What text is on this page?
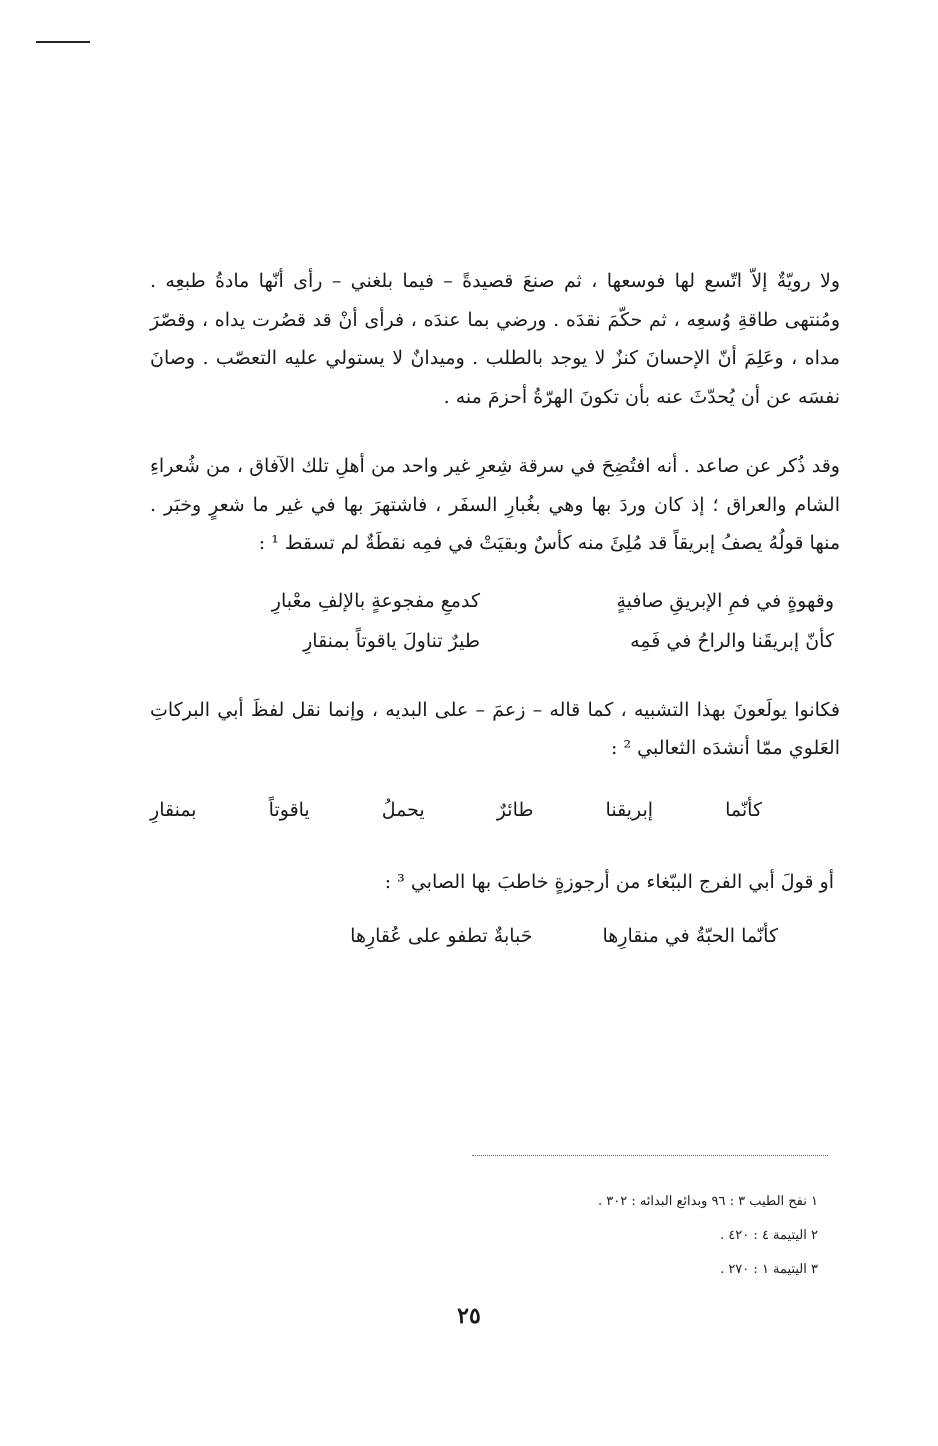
ولا رويّةٌ إلاّ اتّسع لها فوسعها ، ثم صنعَ قصيدةً – فيما بلغني – رأى أنّها مادةُ طبعِه . ومُنتهى طاقةِ وُسعِه ، ثم حكّمَ نقدَه . ورضي بما عندَه ، فرأى أنْ قد قصُرت يداه ، وقصّرَ مداه ، وعَلِمَ أنّ الإحسانَ كنزٌ لا يوجد بالطلب . وميدانٌ لا يستولي عليه التعصّب . وصانَ نفسَه عن أن يُحدّثَ عنه بأن تكونَ الهرّةُ أحزمَ منه .

وقد ذُكر عن صاعد . أنه افتُضِحَ في سرقة شِعرِ غير واحد من أهلِ تلك الآفاق ، من شُعراءِ الشام والعراق ؛ إذ كان وردَ بها وهي بغُبارِ السفَر ، فاشتهرَ بها في غير ما شعرٍ وخبَر . منها قولُهُ يصفُ إبريقاً قد مُلِئَ منه كأسٌ وبقيَتْ في فمِه نقطَةٌ لم تسقط ¹ :

وقهوةٍ في فمِ الإبريقِ صافيةٍ
كدمعِ مفجوعةٍ بالإلفِ معْبارِ
كأنّ إبريقَنا والراحُ في فَمِه
طيرٌ تناولَ ياقوتاً بمنقارِ

فكانوا يولَعونَ بهذا التشبيه ، كما قاله – زعمَ – على البديه ، وإنما نقل لفظَ أبي البركاتِ العَلوي ممّا أنشدَه الثعالبي ² :

كأنّما
إبريقنا
طائرٌ
يحملُ
ياقوتاً
بمنقارِ
أو قولَ أبي الفرج الببّغاء من أرجوزةٍ خاطبَ بها الصابي ³ :
كأنّما الحبّةُ في منقارِها
حَبابةٌ تطفو على عُقارِها
١ نفح الطيب ٣ : ٩٦ وبدائع البدائه : ٣٠٢ .
٢ اليتيمة ٤ : ٤٢٠ .
٣ اليتيمة ١ : ٢٧٠ .
٢٥
